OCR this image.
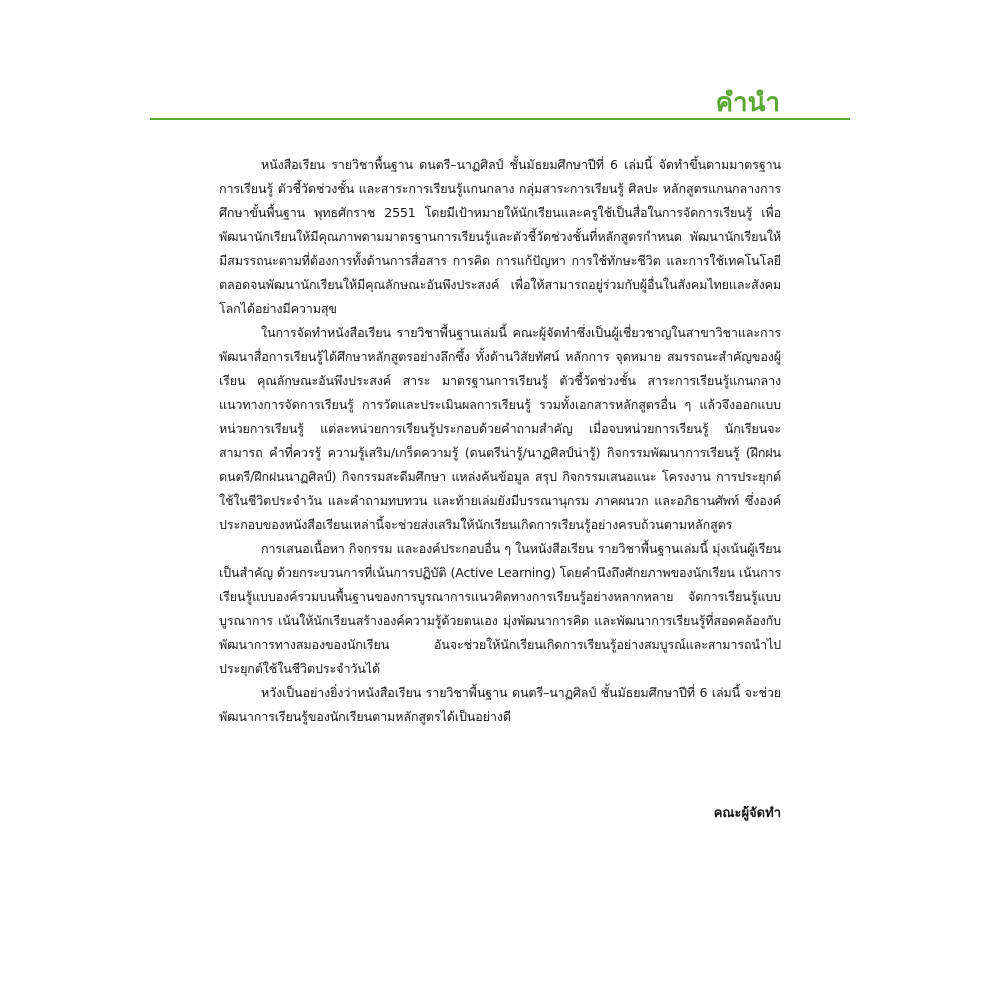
คำนำ

หนังสือเรียน รายวิชาพื้นฐาน ดนตรี–นาฏศิลป์ ชั้นมัธยมศึกษาปีที่ 6 เล่มนี้ จัดทำขึ้นตามมาตรฐานการเรียนรู้ ตัวชี้วัดช่วงชั้น และสาระการเรียนรู้แกนกลาง กลุ่มสาระการเรียนรู้ ศิลปะ หลักสูตรแกนกลางการศึกษาขั้นพื้นฐาน พุทธศักราช 2551 โดยมีเป้าหมายให้นักเรียนและครูใช้เป็นสื่อในการจัดการเรียนรู้ เพื่อพัฒนานักเรียนให้มีคุณภาพตามมาตรฐานการเรียนรู้และตัวชี้วัดช่วงชั้นที่หลักสูตรกำหนด พัฒนานักเรียนให้มีสมรรถนะตามที่ต้องการทั้งด้านการสื่อสาร การคิด การแก้ปัญหา การใช้ทักษะชีวิต และการใช้เทคโนโลยี ตลอดจนพัฒนานักเรียนให้มีคุณลักษณะอันพึงประสงค์ เพื่อให้สามารถอยู่ร่วมกับผู้อื่นในสังคมไทยและสังคมโลกได้อย่างมีความสุข

ในการจัดทำหนังสือเรียน รายวิชาพื้นฐานเล่มนี้ คณะผู้จัดทำซึ่งเป็นผู้เชี่ยวชาญในสาขาวิชาและการพัฒนาสื่อการเรียนรู้ได้ศึกษาหลักสูตรอย่างลึกซึ้ง ทั้งด้านวิสัยทัศน์ หลักการ จุดหมาย สมรรถนะสำคัญของผู้เรียน คุณลักษณะอันพึงประสงค์ สาระ มาตรฐานการเรียนรู้ ตัวชี้วัดช่วงชั้น สาระการเรียนรู้แกนกลาง แนวทางการจัดการเรียนรู้ การวัดและประเมินผลการเรียนรู้ รวมทั้งเอกสารหลักสูตรอื่น ๆ แล้วจึงออกแบบหน่วยการเรียนรู้ แต่ละหน่วยการเรียนรู้ประกอบด้วยคำถามสำคัญ เมื่อจบหน่วยการเรียนรู้ นักเรียนจะสามารถ คำที่ควรรู้ ความรู้เสริม/เกร็ดความรู้ (ดนตรีน่ารู้/นาฏศิลป์น่ารู้) กิจกรรมพัฒนาการเรียนรู้ (ฝึกฝนดนตรี/ฝึกฝนนาฏศิลป์) กิจกรรมสะดีมศึกษา แหล่งค้นข้อมูล สรุป กิจกรรมเสนอแนะ โครงงาน การประยุกต์ใช้ในชีวิตประจำวัน และคำถามทบทวน และท้ายเล่มยังมีบรรณานุกรม ภาคผนวก และอภิธานศัพท์ ซึ่งองค์ประกอบของหนังสือเรียนเหล่านี้จะช่วยส่งเสริมให้นักเรียนเกิดการเรียนรู้อย่างครบถ้วนตามหลักสูตร

การเสนอเนื้อหา กิจกรรม และองค์ประกอบอื่น ๆ ในหนังสือเรียน รายวิชาพื้นฐานเล่มนี้ มุ่งเน้นผู้เรียนเป็นสำคัญ ด้วยกระบวนการที่เน้นการปฏิบัติ (Active Learning) โดยคำนึงถึงศักยภาพของนักเรียน เน้นการเรียนรู้แบบองค์รวมบนพื้นฐานของการบูรณาการแนวคิดทางการเรียนรู้อย่างหลากหลาย จัดการเรียนรู้แบบบูรณาการ เน้นให้นักเรียนสร้างองค์ความรู้ด้วยตนเอง มุ่งพัฒนาการคิด และพัฒนาการเรียนรู้ที่สอดคล้องกับพัฒนาการทางสมองของนักเรียน อันจะช่วยให้นักเรียนเกิดการเรียนรู้อย่างสมบูรณ์และสามารถนำไปประยุกต์ใช้ในชีวิตประจำวันได้

หวังเป็นอย่างยิ่งว่าหนังสือเรียน รายวิชาพื้นฐาน ดนตรี–นาฏศิลป์ ชั้นมัธยมศึกษาปีที่ 6 เล่มนี้ จะช่วยพัฒนาการเรียนรู้ของนักเรียนตามหลักสูตรได้เป็นอย่างดี

คณะผู้จัดทำ
